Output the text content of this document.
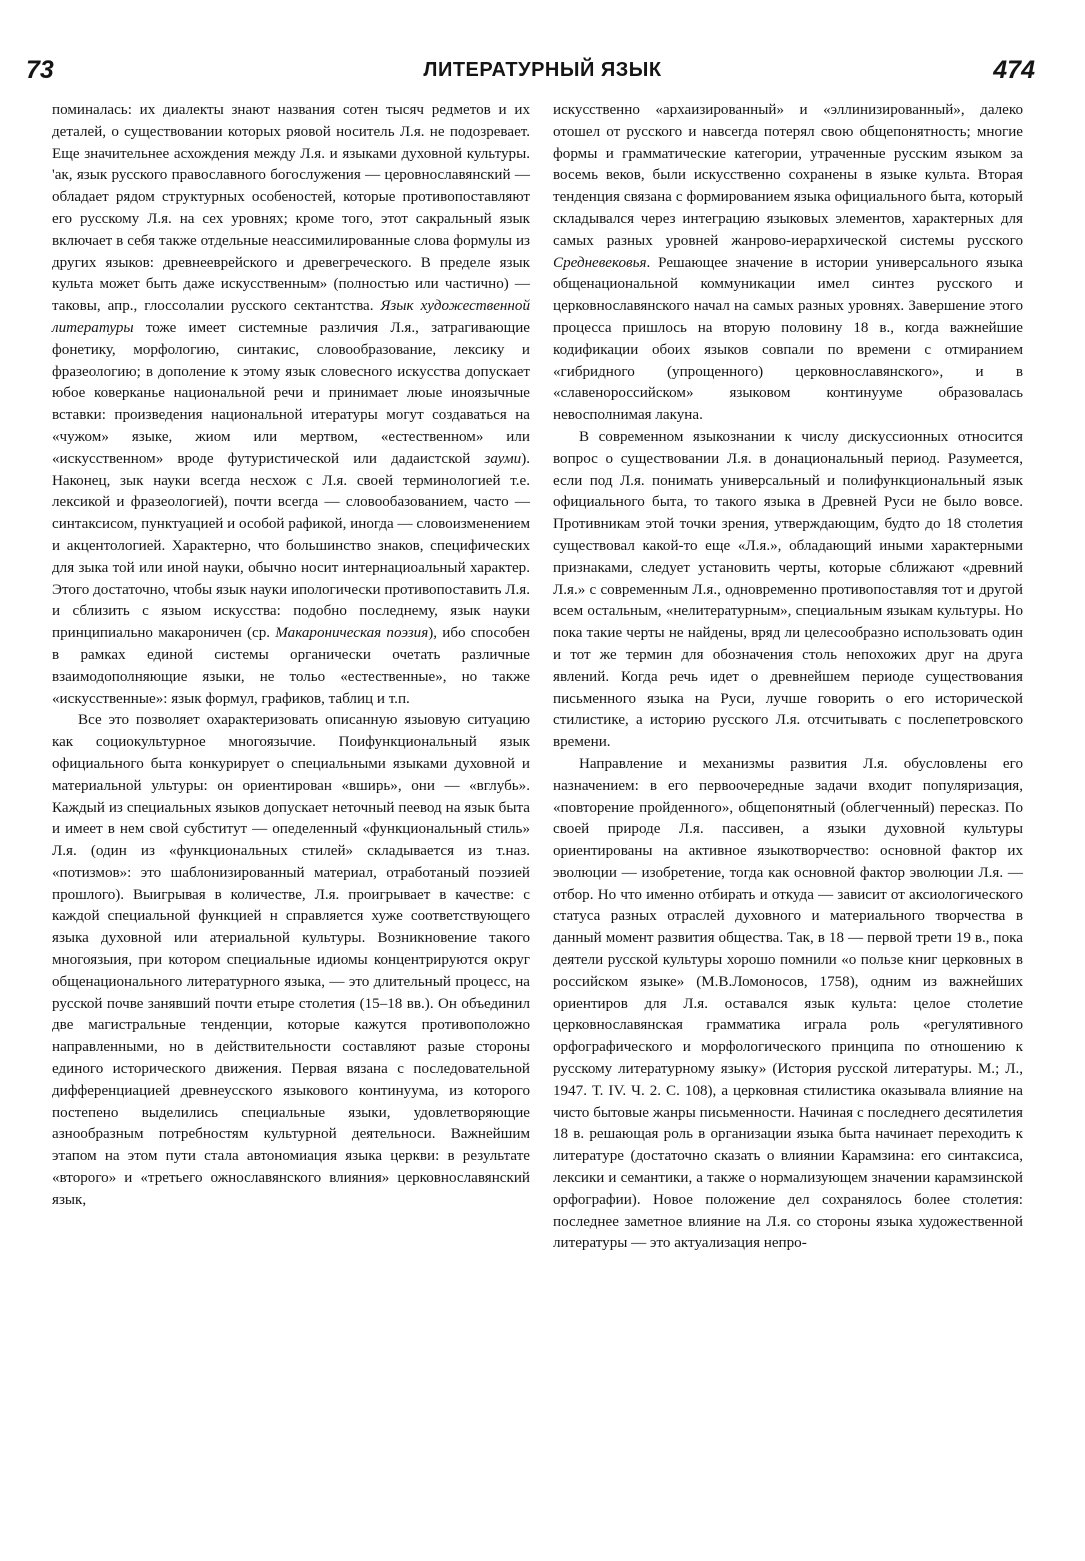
73	ЛИТЕРАТУРНЫЙ ЯЗЫК	474

поминалась: их диалекты знают названия сотен тысяч редметов и их деталей, о существовании которых ряовой носитель Л.я. не подозревает. Еще значительнее асхождения между Л.я. и языками духовной культуры. 'ак, язык русского православного богослужения — церовнославянский — обладает рядом структурных особеностей, которые противопоставляют его русскому Л.я. на сех уровнях; кроме того, этот сакральный язык включает в себя также отдельные неассимилированные слова формулы из других языков: древнееврейского и древегреческого. В пределе язык культа может быть даже искусственным» (полностью или частично) — таковы, апр., глоссолалии русского сектантства. Язык художественной литературы тоже имеет системные различия Л.я., затрагивающие фонетику, морфологию, синтакис, словообразование, лексику и фразеологию; в дополение к этому язык словесного искусства допускает юбое коверканье национальной речи и принимает люые иноязычные вставки: произведения национальной итературы могут создаваться на «чужом» языке, жиом или мертвом, «естественном» или «искусственном» вроде футуристической или дадаистской зауми). Наконец, зык науки всегда несхож с Л.я. своей терминологией т.е. лексикой и фразеологией), почти всегда — словообазованием, часто — синтаксисом, пунктуацией и особой рафикой, иногда — словоизменением и акцентологией. Характерно, что большинство знаков, специфических для зыка той или иной науки, обычно носит интернациоальный характер. Этого достаточно, чтобы язык науки ипологически противопоставить Л.я. и сблизить с языом искусства: подобно последнему, язык науки принципиально макароничен (ср. Макароническая поэзия), ибо способен в рамках единой системы органически очетать различные взаимодополняющие языки, не тольо «естественные», но также «искусственные»: язык формул, графиков, таблиц и т.п.

Все это позволяет охарактеризовать описанную языовую ситуацию как социокультурное многоязычие. Поифункциональный язык официального быта конкурирует о специальными языками духовной и материальной ультуры: он ориентирован «вширь», они — «вглубь». Каждый из специальных языков допускает неточный пеевод на язык быта и имеет в нем свой субститут — опеделенный «функциональный стиль» Л.я. (один из «функциональных стилей» складывается из т.наз. «потизмов»: это шаблонизированный материал, отработаный поэзией прошлого). Выигрывая в количестве, Л.я. проигрывает в качестве: с каждой специальной функцией н справляется хуже соответствующего языка духовной или атериальной культуры. Возникновение такого многоязыия, при котором специальные идиомы концентрируются округ общенационального литературного языка, — это длительный процесс, на русской почве занявший почти етыре столетия (15–18 вв.). Он объединил две магистральные тенденции, которые кажутся противоположно направленными, но в действительности составляют разые стороны единого исторического движения. Первая вязана с последовательной дифференциацией древнеусского языкового континуума, из которого постепено выделились специальные языки, удовлетворяющие азнообразным потребностям культурной деятельноси. Важнейшим этапом на этом пути стала автономиация языка церкви: в результате «второго» и «третьего ожнославянского влияния» церковнославянский язык,

искусственно «архаизированный» и «эллинизированный», далеко отошел от русского и навсегда потерял свою общепонятность; многие формы и грамматические категории, утраченные русским языком за восемь веков, были искусственно сохранены в языке культа. Вторая тенденция связана с формированием языка официального быта, который складывался через интеграцию языковых элементов, характерных для самых разных уровней жанрово-иерархической системы русского Средневековья. Решающее значение в истории универсального языка общенациональной коммуникации имел синтез русского и церковнославянского начал на самых разных уровнях. Завершение этого процесса пришлось на вторую половину 18 в., когда важнейшие кодификации обоих языков совпали по времени с отмиранием «гибридного (упрощенного) церковнославянского», и в «славенороссийском» языковом континууме образовалась невосполнимая лакуна.

В современном языкознании к числу дискуссионных относится вопрос о существовании Л.я. в донациональный период. Разумеется, если под Л.я. понимать универсальный и полифункциональный язык официального быта, то такого языка в Древней Руси не было вовсе. Противникам этой точки зрения, утверждающим, будто до 18 столетия существовал какой-то еще «Л.я.», обладающий иными характерными признаками, следует установить черты, которые сближают «древний Л.я.» с современным Л.я., одновременно противопоставляя тот и другой всем остальным, «нелитературным», специальным языкам культуры. Но пока такие черты не найдены, вряд ли целесообразно использовать один и тот же термин для обозначения столь непохожих друг на друга явлений. Когда речь идет о древнейшем периоде существования письменного языка на Руси, лучше говорить о его исторической стилистике, а историю русского Л.я. отсчитывать с послепетровского времени.

Направление и механизмы развития Л.я. обусловлены его назначением: в его первоочередные задачи входит популяризация, «повторение пройденного», общепонятный (облегченный) пересказ. По своей природе Л.я. пассивен, а языки духовной культуры ориентированы на активное языкотворчество: основной фактор их эволюции — изобретение, тогда как основной фактор эволюции Л.я. — отбор. Но что именно отбирать и откуда — зависит от аксиологического статуса разных отраслей духовного и материального творчества в данный момент развития общества. Так, в 18 — первой трети 19 в., пока деятели русской культуры хорошо помнили «о пользе книг церковных в российском языке» (М.В.Ломоносов, 1758), одним из важнейших ориентиров для Л.я. оставался язык культа: целое столетие церковнославянская грамматика играла роль «регулятивного орфографического и морфологического принципа по отношению к русскому литературному языку» (История русской литературы. М.; Л., 1947. Т. IV. Ч. 2. С. 108), а церковная стилистика оказывала влияние на чисто бытовые жанры письменности. Начиная с последнего десятилетия 18 в. решающая роль в организации языка быта начинает переходить к литературе (достаточно сказать о влиянии Карамзина: его синтаксиса, лексики и семантики, а также о нормализующем значении карамзинской орфографии). Новое положение дел сохранялось более столетия: последнее заметное влияние на Л.я. со стороны языка художественной литературы — это актуализация непро-
